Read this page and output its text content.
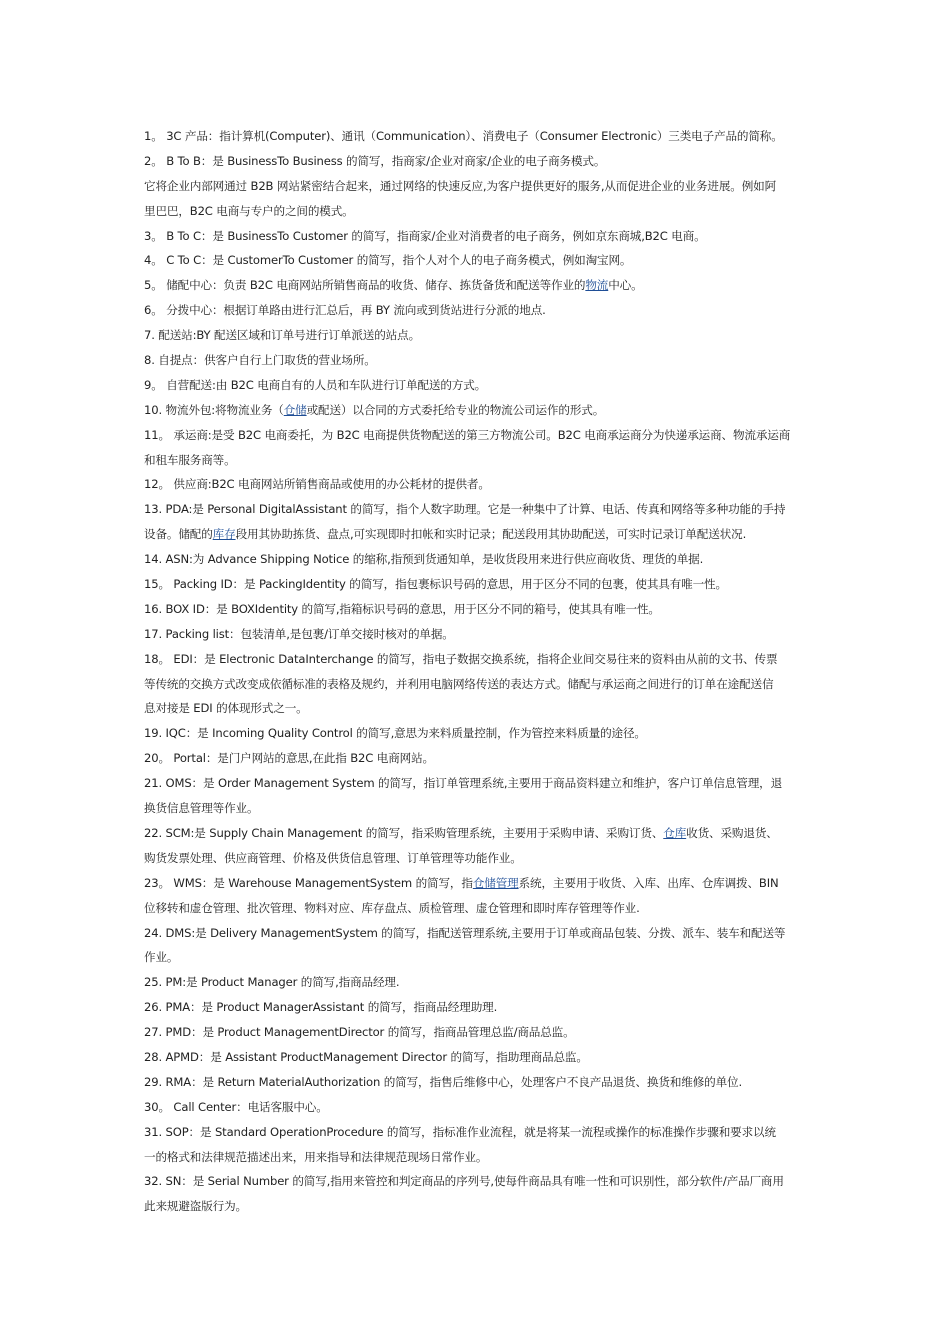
1。 3C 产品：指计算机(Computer)、通讯（Communication）、消费电子（Consumer Electronic）三类电子产品的简称。
2。 B To B：是 BusinessTo Business 的简写，指商家/企业对商家/企业的电子商务模式。
它将企业内部网通过 B2B 网站紧密结合起来，通过网络的快速反应,为客户提供更好的服务,从而促进企业的业务进展。例如阿
里巴巴，B2C 电商与专户的之间的模式。
3。 B To C：是 BusinessTo Customer 的简写，指商家/企业对消费者的电子商务，例如京东商城,B2C 电商。
4。 C To C：是 CustomerTo Customer 的简写，指个人对个人的电子商务模式，例如淘宝网。
5。 储配中心：负责 B2C 电商网站所销售商品的收货、储存、拣货备货和配送等作业的物流中心。
6。 分拨中心：根据订单路由进行汇总后，再 BY 流向或到货站进行分派的地点.
7. 配送站:BY 配送区域和订单号进行订单派送的站点。
8. 自提点：供客户自行上门取货的营业场所。
9。 自营配送:由 B2C 电商自有的人员和车队进行订单配送的方式。
10. 物流外包:将物流业务（仓储或配送）以合同的方式委托给专业的物流公司运作的形式。
11。 承运商:是受 B2C 电商委托，为 B2C 电商提供货物配送的第三方物流公司。B2C 电商承运商分为快递承运商、物流承运商
和租车服务商等。
12。 供应商:B2C 电商网站所销售商品或使用的办公耗材的提供者。
13. PDA:是 Personal DigitalAssistant 的简写，指个人数字助理。它是一种集中了计算、电话、传真和网络等多种功能的手持
设备。储配的库存段用其协助拣货、盘点,可实现即时扣帐和实时记录；配送段用其协助配送，可实时记录订单配送状况.
14. ASN:为 Advance Shipping Notice 的缩称,指预到货通知单，是收货段用来进行供应商收货、理货的单据.
15。 Packing ID：是 PackingIdentity 的简写，指包裹标识号码的意思，用于区分不同的包裹，使其具有唯一性。
16. BOX ID：是 BOXIdentity 的简写,指箱标识号码的意思，用于区分不同的箱号，使其具有唯一性。
17. Packing list：包装清单,是包裹/订单交接时核对的单据。
18。 EDI：是 Electronic DataInterchange 的简写，指电子数据交换系统，指将企业间交易往来的资料由从前的文书、传票
等传统的交换方式改变成依循标准的表格及规约，并利用电脑网络传送的表达方式。储配与承运商之间进行的订单在途配送信
息对接是 EDI 的体现形式之一。
19. IQC：是 Incoming Quality Control 的简写,意思为来料质量控制，作为管控来料质量的途径。
20。 Portal：是门户网站的意思,在此指 B2C 电商网站。
21. OMS：是 Order Management System 的简写，指订单管理系统,主要用于商品资料建立和维护，客户订单信息管理，退
换货信息管理等作业。
22. SCM:是 Supply Chain Management 的简写，指采购管理系统，主要用于采购申请、采购订货、仓库收货、采购退货、
购货发票处理、供应商管理、价格及供货信息管理、订单管理等功能作业。
23。 WMS：是 Warehouse ManagementSystem 的简写，指仓储管理系统，主要用于收货、入库、出库、仓库调拨、BIN
位移转和虚仓管理、批次管理、物料对应、库存盘点、质检管理、虚仓管理和即时库存管理等作业.
24. DMS:是 Delivery ManagementSystem 的简写，指配送管理系统,主要用于订单或商品包装、分拨、派车、装车和配送等
作业。
25. PM:是 Product Manager 的简写,指商品经理.
26. PMA：是 Product ManagerAssistant 的简写，指商品经理助理.
27. PMD：是 Product ManagementDirector 的简写，指商品管理总监/商品总监。
28. APMD：是 Assistant ProductManagement Director 的简写，指助理商品总监。
29. RMA：是 Return MaterialAuthorization 的简写，指售后维修中心，处理客户不良产品退货、换货和维修的单位.
30。 Call Center：电话客服中心。
31. SOP：是 Standard OperationProcedure 的简写，指标准作业流程，就是将某一流程或操作的标准操作步骤和要求以统
一的格式和法律规范描述出来，用来指导和法律规范现场日常作业。
32. SN：是 Serial Number 的简写,指用来管控和判定商品的序列号,使每件商品具有唯一性和可识别性，部分软件/产品厂商用
此来规避盗版行为。
